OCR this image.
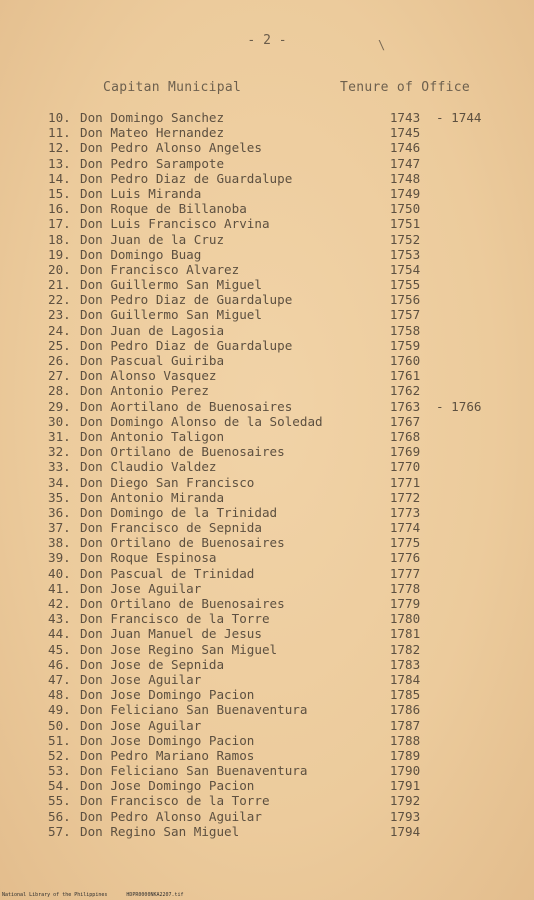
- 2 -	\
Capitan Municipal	Tenure of Office
10. Don Domingo Sanchez	1743	- 1744
11. Don Mateo Hernandez	1745
12. Don Pedro Alonso Angeles	1746
13. Don Pedro Sarampote	1747
14. Don Pedro Diaz de Guardalupe	1748
15. Don Luis Miranda	1749
16. Don Roque de Billanoba	1750
17. Don Luis Francisco Arvina	1751
18. Don Juan de la Cruz	1752
19. Don Domingo Buag	1753
20. Don Francisco Alvarez	1754
21. Don Guillermo San Miguel	1755
22. Don Pedro Diaz de Guardalupe	1756
23. Don Guillermo San Miguel	1757
24. Don Juan de Lagosia	1758
25. Don Pedro Diaz de Guardalupe	1759
26. Don Pascual Guiriba	1760
27. Don Alonso Vasquez	1761
28. Don Antonio Perez	1762
29. Don Aortilano de Buenosaires	1763	- 1766
30. Don Domingo Alonso de la Soledad	1767
31. Don Antonio Taligon	1768
32. Don Ortilano de Buenosaires	1769
33. Don Claudio Valdez	1770
34. Don Diego San Francisco	1771
35. Don Antonio Miranda	1772
36. Don Domingo de la Trinidad	1773
37. Don Francisco de Sepnida	1774
38. Don Ortilano de Buenosaires	1775
39. Don Roque Espinosa	1776
40. Don Pascual de Trinidad	1777
41. Don Jose Aguilar	1778
42. Don Ortilano de Buenosaires	1779
43. Don Francisco de la Torre	1780
44. Don Juan Manuel de Jesus	1781
45. Don Jose Regino San Miguel	1782
46. Don Jose de Sepnida	1783
47. Don Jose Aguilar	1784
48. Don Jose Domingo Pacion	1785
49. Don Feliciano San Buenaventura	1786
50. Don Jose Aguilar	1787
51. Don Jose Domingo Pacion	1788
52. Don Pedro Mariano Ramos	1789
53. Don Feliciano San Buenaventura	1790
54. Don Jose Domingo Pacion	1791
55. Don Francisco de la Torre	1792
56. Don Pedro Alonso Aguilar	1793
57. Don Regino San Miguel	1794
National Library of the Philippines	HDPR0000NKA2207.tif
